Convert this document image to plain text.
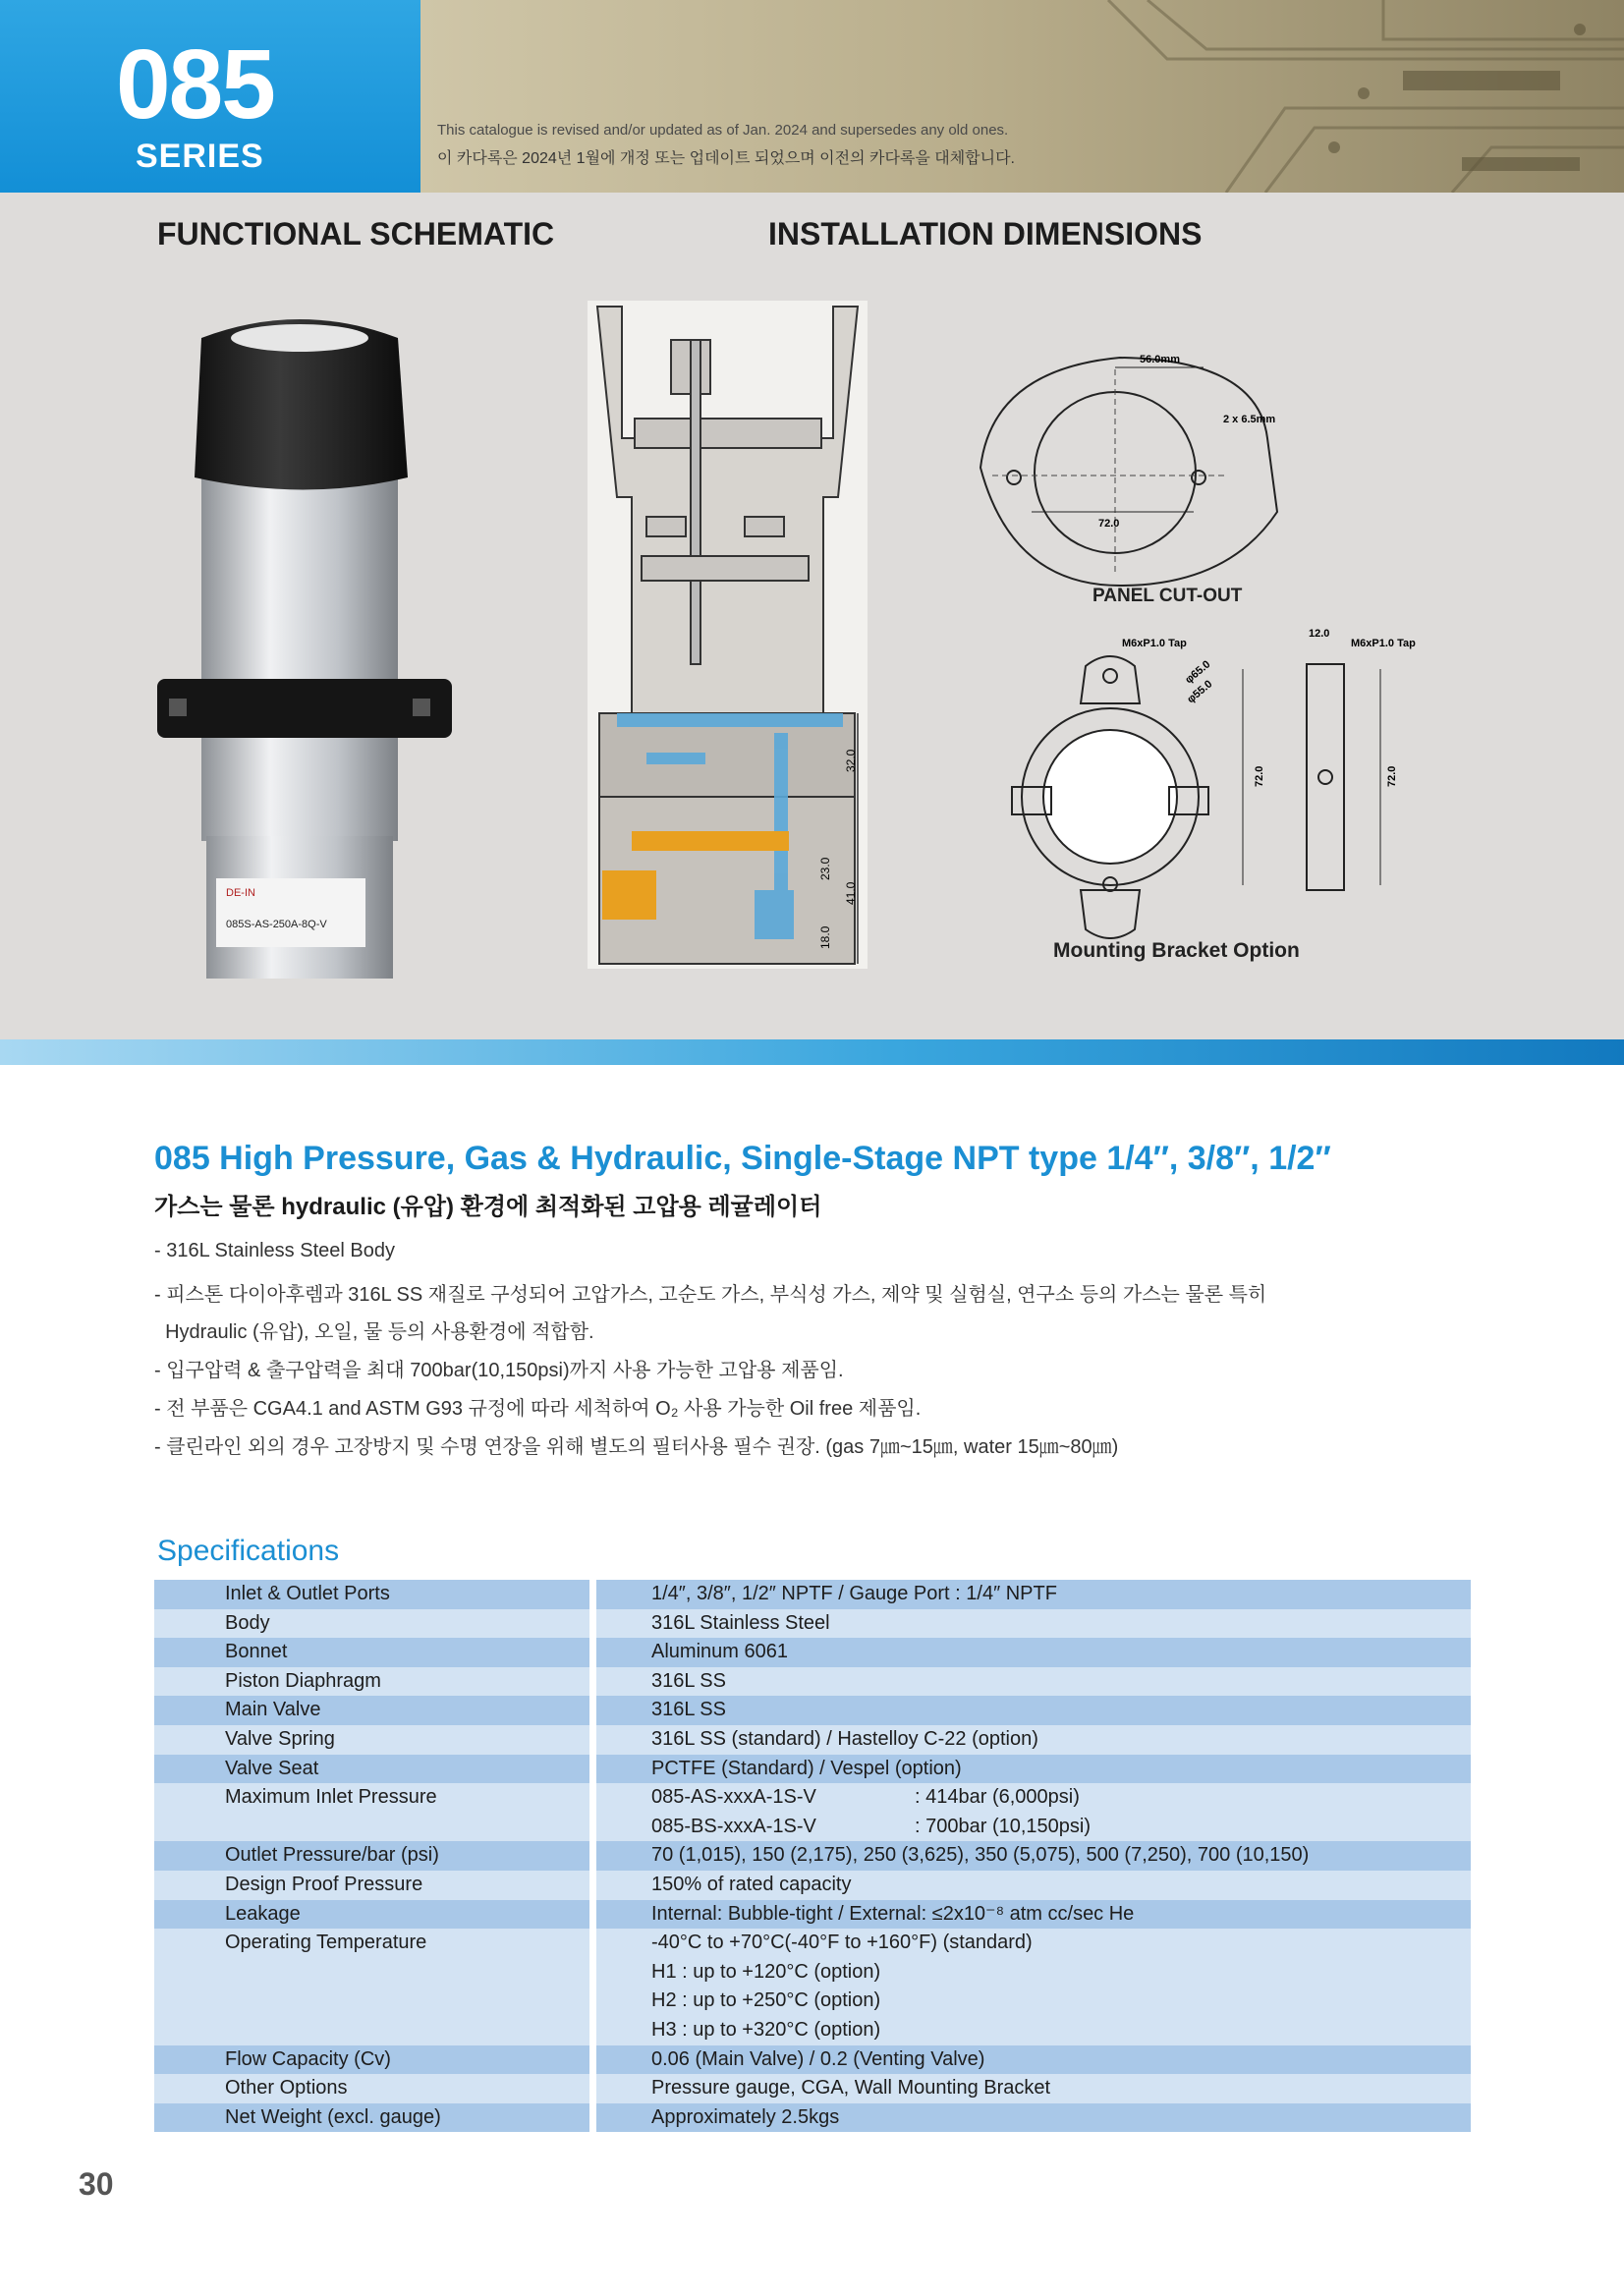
085
SERIES
This catalogue is revised and/or updated as of Jan. 2024 and supersedes any old ones.
이 카다록은 2024년 1월에 개정 또는 업데이트 되었으며 이전의 카다록을 대체합니다.
FUNCTIONAL SCHEMATIC	INSTALLATION DIMENSIONS
DE-IN
085S-AS-250A-8Q-V
32.0
23.0
41.0
18.0
56.0mm
2 x 6.5mm
72.0
PANEL CUT-OUT
M6xP1.0 Tap	M6xP1.0 Tap
12.0
φ65.0
φ55.0
72.0	72.0
Mounting Bracket Option
085 High Pressure, Gas & Hydraulic, Single-Stage NPT type 1/4″, 3/8″, 1/2″
가스는 물론 hydraulic (유압) 환경에 최적화된 고압용 레귤레이터
- 316L Stainless Steel Body
- 피스톤 다이아후렘과 316L SS 재질로 구성되어 고압가스, 고순도 가스, 부식성 가스, 제약 및 실험실, 연구소 등의 가스는 물론 특히
Hydraulic (유압), 오일, 물 등의 사용환경에 적합함.
- 입구압력 & 출구압력을 최대 700bar(10,150psi)까지 사용 가능한 고압용 제품임.
- 전 부품은 CGA4.1 and ASTM G93 규정에 따라 세척하여 O₂ 사용 가능한 Oil free 제품임.
- 클린라인 외의 경우 고장방지 및 수명 연장을 위해 별도의 필터사용 필수 권장. (gas 7㎛~15㎛, water 15㎛~80㎛)
Specifications
Inlet & Outlet Ports	1/4″, 3/8″, 1/2″ NPTF / Gauge Port : 1/4″ NPTF
Body	316L Stainless Steel
Bonnet	Aluminum 6061
Piston Diaphragm	316L SS
Main Valve	316L SS
Valve Spring	316L SS (standard) / Hastelloy C-22 (option)
Valve Seat	PCTFE (Standard) / Vespel (option)
Maximum Inlet Pressure	085-AS-xxxA-1S-V	: 414bar (6,000psi)
085-BS-xxxA-1S-V	: 700bar (10,150psi)
Outlet Pressure/bar (psi)	70 (1,015), 150 (2,175), 250 (3,625), 350 (5,075), 500 (7,250), 700 (10,150)
Design Proof Pressure	150% of rated capacity
Leakage	Internal: Bubble-tight / External: ≤2x10⁻⁸ atm cc/sec He
Operating Temperature	-40°C to +70°C(-40°F to +160°F) (standard)
H1 : up to +120°C (option)
H2 : up to +250°C (option)
H3 : up to +320°C (option)
Flow Capacity (Cv)	0.06 (Main Valve) / 0.2 (Venting Valve)
Other Options	Pressure gauge, CGA, Wall Mounting Bracket
Net Weight (excl. gauge)	Approximately 2.5kgs
30
